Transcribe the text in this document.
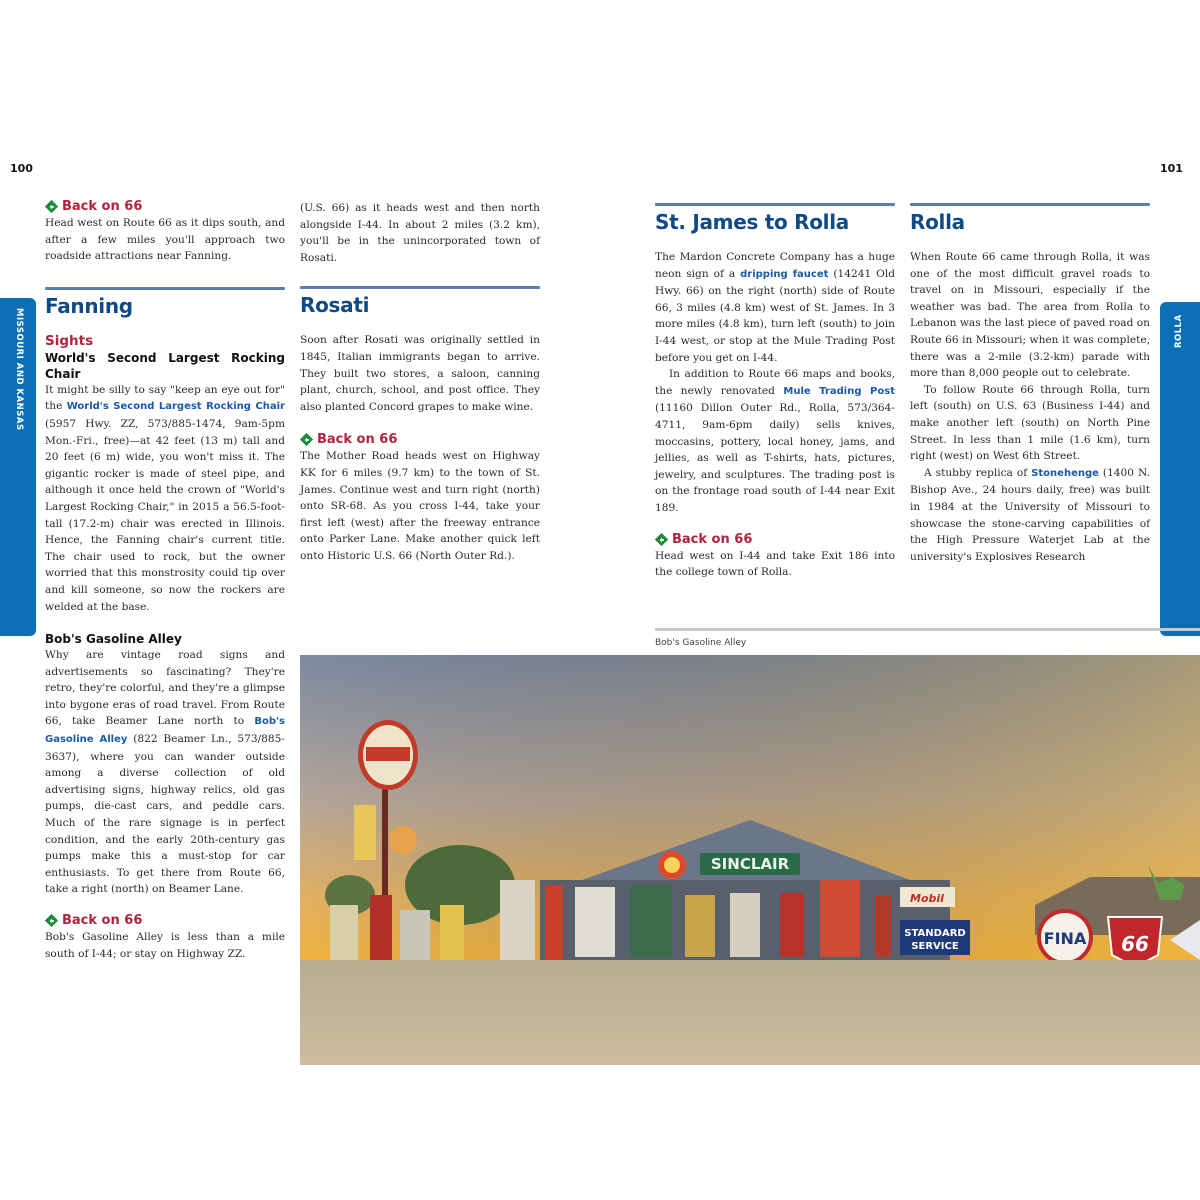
100	101
MISSOURI AND KANSAS	ROLLA
Back on 66

Head west on Route 66 as it dips south, and after a few miles you'll approach two roadside attractions near Fanning.

Fanning
Sights
World's Second Largest Rocking Chair

It might be silly to say "keep an eye out for" the World's Second Largest Rocking Chair (5957 Hwy. ZZ, 573/885-1474, 9am-5pm Mon.-Fri., free)—at 42 feet (13 m) tall and 20 feet (6 m) wide, you won't miss it. The gigantic rocker is made of steel pipe, and although it once held the crown of "World's Largest Rocking Chair," in 2015 a 56.5-foot-tall (17.2-m) chair was erected in Illinois. Hence, the Fanning chair's current title. The chair used to rock, but the owner worried that this monstrosity could tip over and kill someone, so now the rockers are welded at the base.

Bob's Gasoline Alley

Why are vintage road signs and advertisements so fascinating? They're retro, they're colorful, and they're a glimpse into bygone eras of road travel. From Route 66, take Beamer Lane north to Bob's Gasoline Alley (822 Beamer Ln., 573/885-3637), where you can wander outside among a diverse collection of old advertising signs, highway relics, old gas pumps, die-cast cars, and peddle cars. Much of the rare signage is in perfect condition, and the early 20th-century gas pumps make this a must-stop for car enthusiasts. To get there from Route 66, take a right (north) on Beamer Lane.

Back on 66

Bob's Gasoline Alley is less than a mile south of I-44; or stay on Highway ZZ.

(U.S. 66) as it heads west and then north alongside I-44. In about 2 miles (3.2 km), you'll be in the unincorporated town of Rosati.

Rosati

Soon after Rosati was originally settled in 1845, Italian immigrants began to arrive. They built two stores, a saloon, canning plant, church, school, and post office. They also planted Concord grapes to make wine.

Back on 66

The Mother Road heads west on Highway KK for 6 miles (9.7 km) to the town of St. James. Continue west and turn right (north) onto SR-68. As you cross I-44, take your first left (west) after the freeway entrance onto Parker Lane. Make another quick left onto Historic U.S. 66 (North Outer Rd.).

St. James to Rolla

The Mardon Concrete Company has a huge neon sign of a dripping faucet (14241 Old Hwy. 66) on the right (north) side of Route 66, 3 miles (4.8 km) west of St. James. In 3 more miles (4.8 km), turn left (south) to join I-44 west, or stop at the Mule Trading Post before you get on I-44.

In addition to Route 66 maps and books, the newly renovated Mule Trading Post (11160 Dillon Outer Rd., Rolla, 573/364-4711, 9am-6pm daily) sells knives, moccasins, pottery, local honey, jams, and jellies, as well as T-shirts, hats, pictures, jewelry, and sculptures. The trading post is on the frontage road south of I-44 near Exit 189.

Back on 66

Head west on I-44 and take Exit 186 into the college town of Rolla.

Rolla

When Route 66 came through Rolla, it was one of the most difficult gravel roads to travel on in Missouri, especially if the weather was bad. The area from Rolla to Lebanon was the last piece of paved road on Route 66 in Missouri; when it was complete, there was a 2-mile (3.2-km) parade with more than 8,000 people out to celebrate.

To follow Route 66 through Rolla, turn left (south) on U.S. 63 (Business I-44) and make another left (south) on North Pine Street. In less than 1 mile (1.6 km), turn right (west) on West 6th Street.

A stubby replica of Stonehenge (1400 N. Bishop Ave., 24 hours daily, free) was built in 1984 at the University of Missouri to showcase the stone-carving capabilities of the High Pressure Waterjet Lab at the university's Explosives Research

Bob's Gasoline Alley
SINCLAIR
Mobil
STANDARD
SERVICE	FINA 66
